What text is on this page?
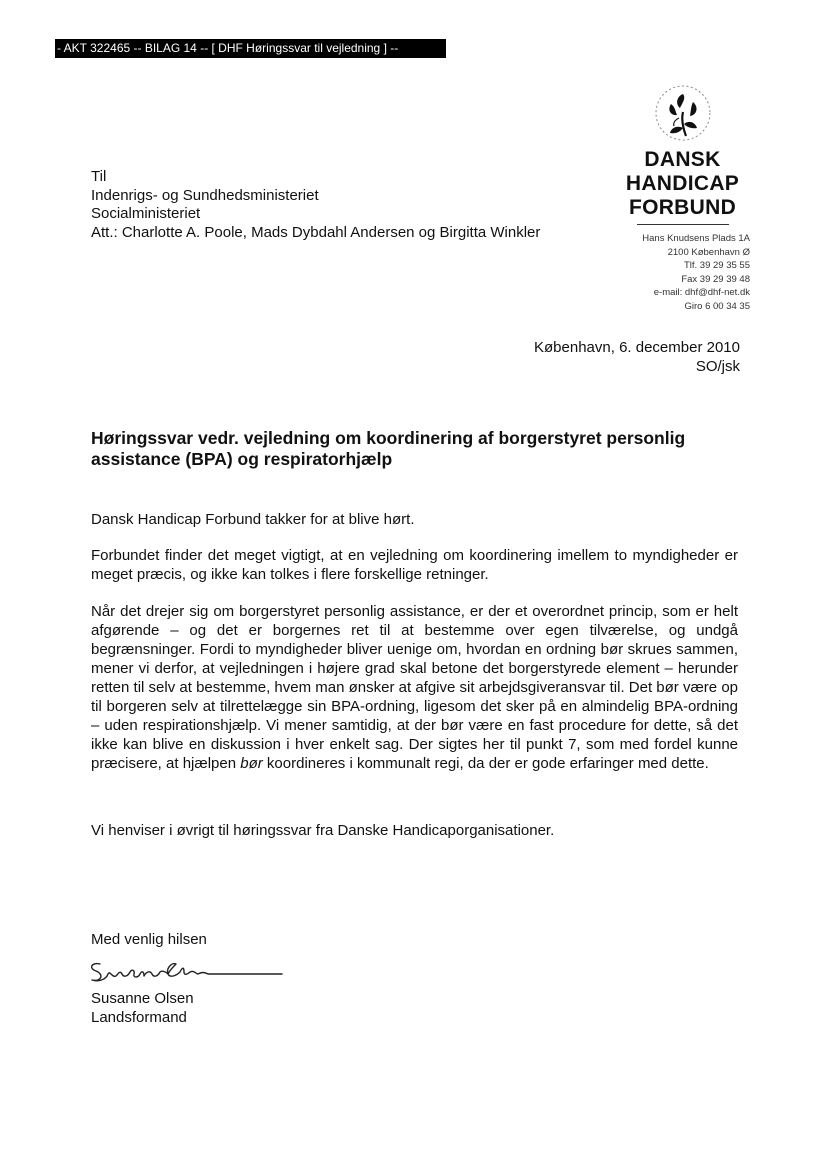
- AKT 322465 -- BILAG 14 -- [ DHF Høringssvar til vejledning ] --
Til
Indenrigs- og Sundhedsministeriet
Socialministeriet
Att.: Charlotte A. Poole, Mads Dybdahl Andersen og Birgitta Winkler
DANSK
HANDICAP
FORBUND
Hans Knudsens Plads 1A
2100 København Ø
Tlf. 39 29 35 55
Fax 39 29 39 48
e-mail: dhf@dhf-net.dk
Giro 6 00 34 35
København, 6. december 2010
SO/jsk
Høringssvar vedr. vejledning om koordinering af borgerstyret personlig assistance (BPA) og respiratorhjælp
Dansk Handicap Forbund takker for at blive hørt.
Forbundet finder det meget vigtigt, at en vejledning om koordinering imellem to myndigheder er meget præcis, og ikke kan tolkes i flere forskellige retninger.
Når det drejer sig om borgerstyret personlig assistance, er der et overordnet princip, som er helt afgørende – og det er borgernes ret til at bestemme over egen tilværelse, og undgå begrænsninger. Fordi to myndigheder bliver uenige om, hvordan en ordning bør skrues sammen, mener vi derfor, at vejledningen i højere grad skal betone det borgerstyrede element – herunder retten til selv at bestemme, hvem man ønsker at afgive sit arbejdsgiveransvar til. Det bør være op til borgeren selv at tilrettelægge sin BPA-ordning, ligesom det sker på en almindelig BPA-ordning – uden respirationshjælp. Vi mener samtidig, at der bør være en fast procedure for dette, så det ikke kan blive en diskussion i hver enkelt sag. Der sigtes her til punkt 7, som med fordel kunne præcisere, at hjælpen bør koordineres i kommunalt regi, da der er gode erfaringer med dette.
Vi henviser i øvrigt til høringssvar fra Danske Handicaporganisationer.
Med venlig hilsen
Susanne Olsen
Landsformand
